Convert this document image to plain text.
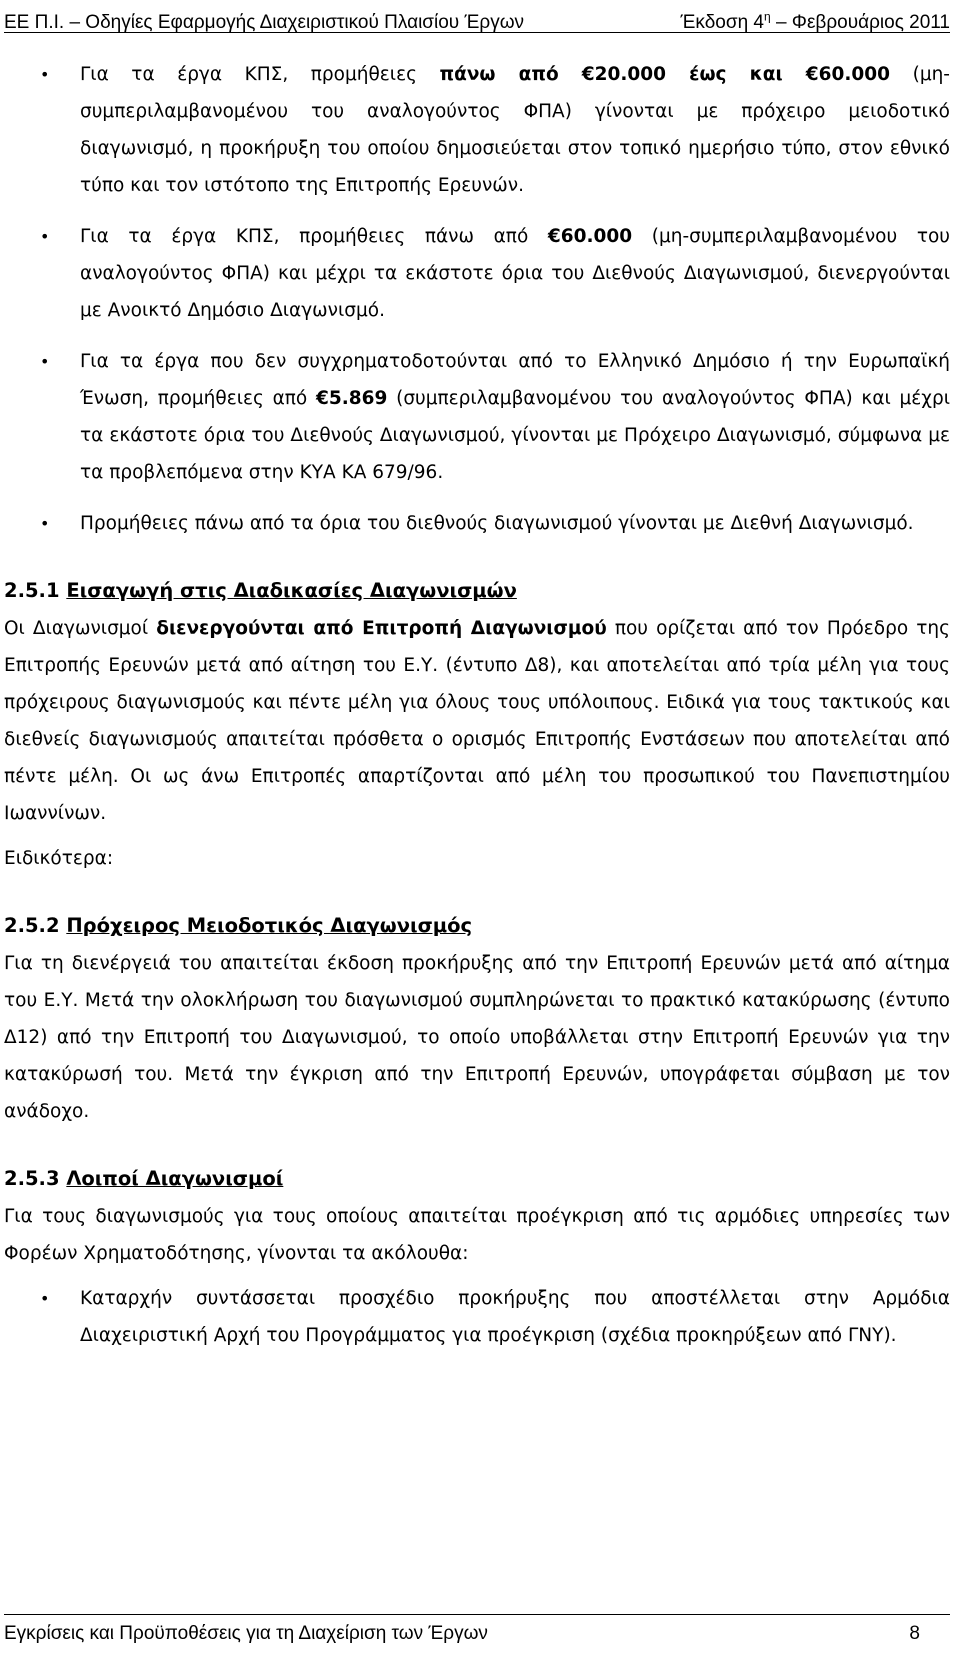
ΕΕ Π.Ι. – Οδηγίες Εφαρμογής Διαχειριστικού Πλαισίου Έργων	Έκδοση $4^\eta$ – Φεβρουάριος 2011
• Για τα έργα ΚΠΣ, προμήθειες πάνω από €20.000 έως και €60.000 (μη-συμπεριλαμβανομένου του αναλογούντος ΦΠΑ) γίνονται με πρόχειρο μειοδοτικό διαγωνισμό, η προκήρυξη του οποίου δημοσιεύεται στον τοπικό ημερήσιο τύπο, στον εθνικό τύπο και τον ιστότοπο της Επιτροπής Ερευνών.
• Για τα έργα ΚΠΣ, προμήθειες πάνω από €60.000 (μη-συμπεριλαμβανομένου του αναλογούντος ΦΠΑ) και μέχρι τα εκάστοτε όρια του Διεθνούς Διαγωνισμού, διενεργούνται με Ανοικτό Δημόσιο Διαγωνισμό.
• Για τα έργα που δεν συγχρηματοδοτούνται από το Ελληνικό Δημόσιο ή την Ευρωπαϊκή Ένωση, προμήθειες από €5.869 (συμπεριλαμβανομένου του αναλογούντος ΦΠΑ) και μέχρι τα εκάστοτε όρια του Διεθνούς Διαγωνισμού, γίνονται με Πρόχειρο Διαγωνισμό, σύμφωνα με τα προβλεπόμενα στην ΚΥΑ ΚΑ 679/96.
• Προμήθειες πάνω από τα όρια του διεθνούς διαγωνισμού γίνονται με Διεθνή Διαγωνισμό.
2.5.1 Εισαγωγή στις Διαδικασίες Διαγωνισμών

Οι Διαγωνισμοί διενεργούνται από Επιτροπή Διαγωνισμού που ορίζεται από τον Πρόεδρο της Επιτροπής Ερευνών μετά από αίτηση του Ε.Υ. (έντυπο Δ8), και αποτελείται από τρία μέλη για τους πρόχειρους διαγωνισμούς και πέντε μέλη για όλους τους υπόλοιπους. Ειδικά για τους τακτικούς και διεθνείς διαγωνισμούς απαιτείται πρόσθετα ο ορισμός Επιτροπής Ενστάσεων που αποτελείται από πέντε μέλη. Οι ως άνω Επιτροπές απαρτίζονται από μέλη του προσωπικού του Πανεπιστημίου Ιωαννίνων.

Ειδικότερα:

2.5.2 Πρόχειρος Μειοδοτικός Διαγωνισμός

Για τη διενέργειά του απαιτείται έκδοση προκήρυξης από την Επιτροπή Ερευνών μετά από αίτημα του Ε.Υ. Μετά την ολοκλήρωση του διαγωνισμού συμπληρώνεται το πρακτικό κατακύρωσης (έντυπο Δ12) από την Επιτροπή του Διαγωνισμού, το οποίο υποβάλλεται στην Επιτροπή Ερευνών για την κατακύρωσή του. Μετά την έγκριση από την Επιτροπή Ερευνών, υπογράφεται σύμβαση με τον ανάδοχο.

2.5.3 Λοιποί Διαγωνισμοί

Για τους διαγωνισμούς για τους οποίους απαιτείται προέγκριση από τις αρμόδιες υπηρεσίες των Φορέων Χρηματοδότησης, γίνονται τα ακόλουθα:

• Καταρχήν συντάσσεται προσχέδιο προκήρυξης που αποστέλλεται στην Αρμόδια Διαχειριστική Αρχή του Προγράμματος για προέγκριση (σχέδια προκηρύξεων από ΓΝΥ).
Εγκρίσεις και Προϋποθέσεις για τη Διαχείριση των Έργων	8
